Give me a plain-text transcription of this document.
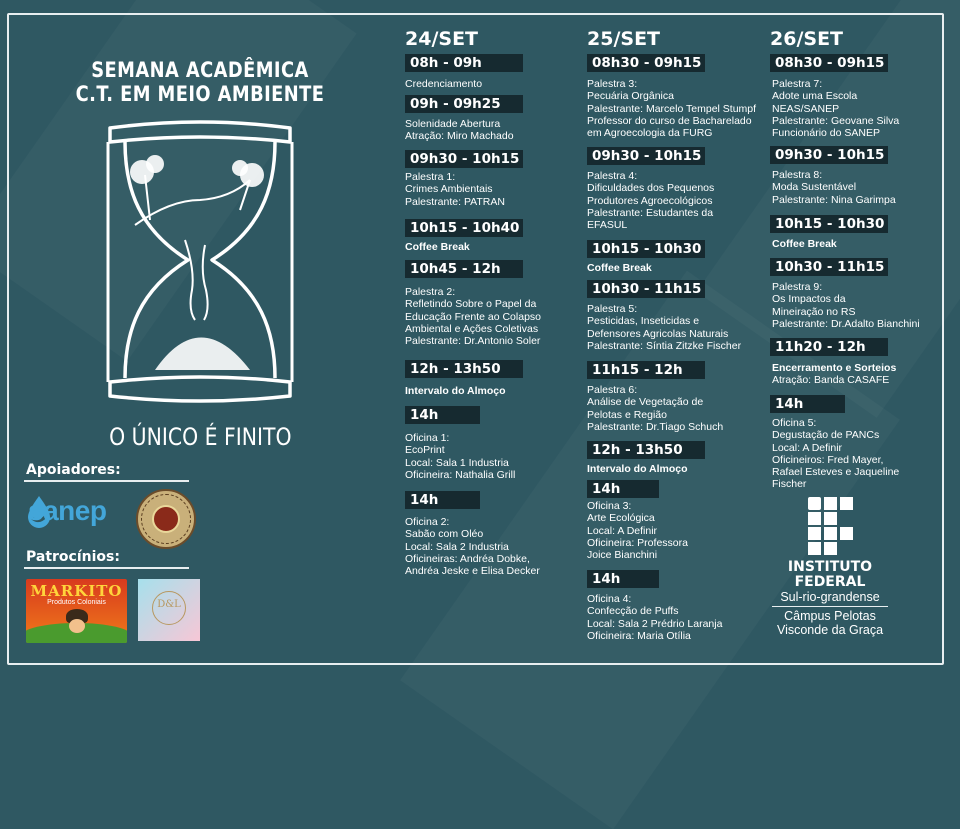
SEMANA ACADÊMICA
C.T. EM MEIO AMBIENTE
O ÚNICO É FINITO
Apoiadores:
sanep
Patrocínios:
MARKITO
Produtos Coloniais	D&L
24/SET	25/SET	26/SET
08h - 09h
Credenciamento
09h - 09h25
Solenidade Abertura
Atração: Miro Machado
09h30 - 10h15
Palestra 1:
Crimes Ambientais
Palestrante: PATRAN
10h15 - 10h40
Coffee Break
10h45 - 12h
Palestra 2:
Refletindo Sobre o Papel da
Educação Frente ao Colapso
Ambiental e Ações Coletivas
Palestrante: Dr.Antonio Soler
12h - 13h50
Intervalo do Almoço
14h
Oficina 1:
EcoPrint
Local: Sala 1 Industria
Oficineira: Nathalia Grill
14h
Oficina 2:
Sabão com Oléo
Local: Sala 2 Industria
Oficineiras: Andréa Dobke,
Andréa Jeske e Elisa Decker
08h30 - 09h15
Palestra 3:
Pecuária Orgânica
Palestrante: Marcelo Tempel Stumpf
Professor do curso de Bacharelado
em Agroecologia da FURG
09h30 - 10h15
Palestra 4:
Dificuldades dos Pequenos
Produtores Agroecológicos
Palestrante: Estudantes da
EFASUL
10h15 - 10h30
Coffee Break
10h30 - 11h15
Palestra 5:
Pesticidas, Inseticidas e
Defensores Agricolas Naturais
Palestrante: Síntia Zitzke Fischer
11h15 - 12h
Palestra 6:
Análise de Vegetação de
Pelotas e Região
Palestrante: Dr.Tiago Schuch
12h - 13h50
Intervalo do Almoço
14h
Oficina 3:
Arte Ecológica
Local: A Definir
Oficineira: Professora
Joice Bianchini
14h
Oficina 4:
Confecção de Puffs
Local: Sala 2 Prédrio Laranja
Oficineira: Maria Otília
08h30 - 09h15
Palestra 7:
Adote uma Escola
NEAS/SANEP
Palestrante: Geovane Silva
Funcionário do SANEP
09h30 - 10h15
Palestra 8:
Moda Sustentável
Palestrante: Nina Garimpa
10h15 - 10h30
Coffee Break
10h30 - 11h15
Palestra 9:
Os Impactos da
Mineiração no RS
Palestrante: Dr.Adalto Bianchini
11h20 - 12h
Encerramento e Sorteios
Atração: Banda CASAFE
14h
Oficina 5:
Degustação de PANCs
Local: A Definir
Oficineiros: Fred Mayer,
Rafael Esteves e Jaqueline
Fischer
INSTITUTO
FEDERAL
Sul-rio-grandense
Câmpus Pelotas
Visconde da Graça
